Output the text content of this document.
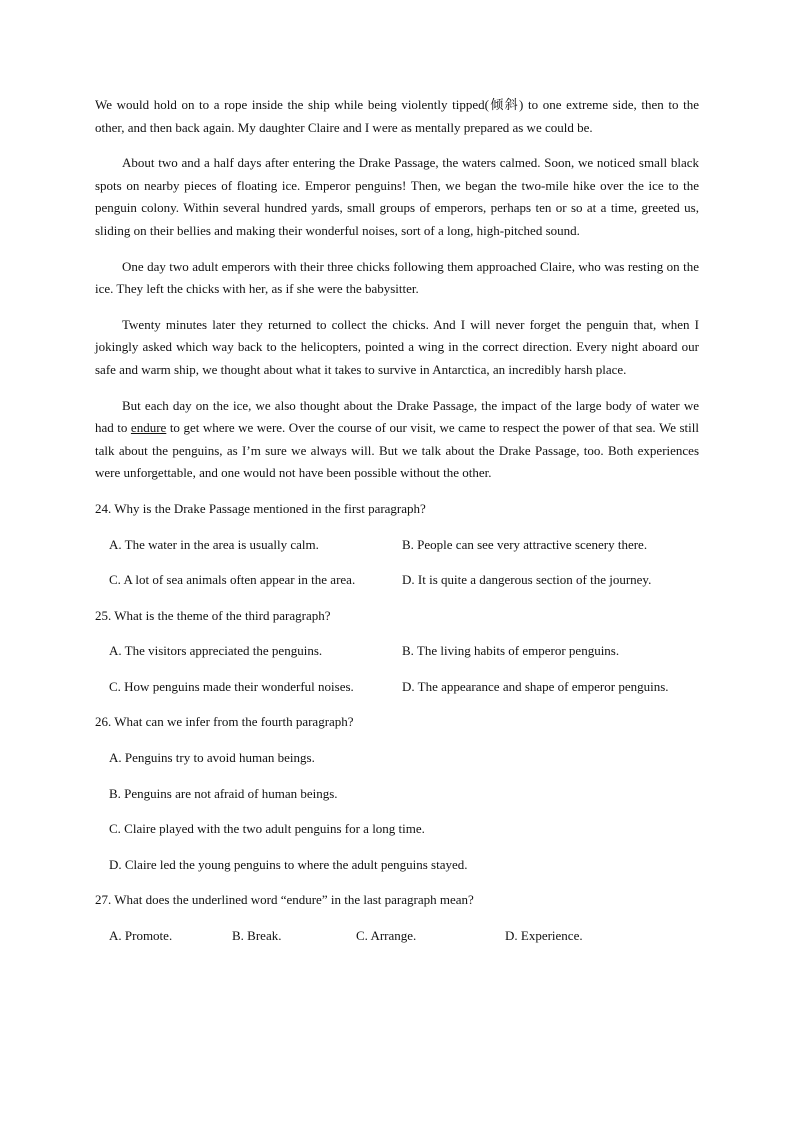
We would hold on to a rope inside the ship while being violently tipped(倾斜) to one extreme side, then to the other, and then back again. My daughter Claire and I were as mentally prepared as we could be.

About two and a half days after entering the Drake Passage, the waters calmed. Soon, we noticed small black spots on nearby pieces of floating ice. Emperor penguins! Then, we began the two-mile hike over the ice to the penguin colony. Within several hundred yards, small groups of emperors, perhaps ten or so at a time, greeted us, sliding on their bellies and making their wonderful noises, sort of a long, high-pitched sound.

One day two adult emperors with their three chicks following them approached Claire, who was resting on the ice. They left the chicks with her, as if she were the babysitter.

Twenty minutes later they returned to collect the chicks. And I will never forget the penguin that, when I jokingly asked which way back to the helicopters, pointed a wing in the correct direction. Every night aboard our safe and warm ship, we thought about what it takes to survive in Antarctica, an incredibly harsh place.

But each day on the ice, we also thought about the Drake Passage, the impact of the large body of water we had to endure to get where we were. Over the course of our visit, we came to respect the power of that sea. We still talk about the penguins, as I’m sure we always will. But we talk about the Drake Passage, too. Both experiences were unforgettable, and one would not have been possible without the other.

24. Why is the Drake Passage mentioned in the first paragraph?
A. The water in the area is usually calm.	B. People can see very attractive scenery there.
C. A lot of sea animals often appear in the area.	D. It is quite a dangerous section of the journey.
25. What is the theme of the third paragraph?
A. The visitors appreciated the penguins.	B. The living habits of emperor penguins.
C. How penguins made their wonderful noises.	D. The appearance and shape of emperor penguins.
26. What can we infer from the fourth paragraph?
A. Penguins try to avoid human beings.
B. Penguins are not afraid of human beings.
C. Claire played with the two adult penguins for a long time.
D. Claire led the young penguins to where the adult penguins stayed.
27. What does the underlined word “endure” in the last paragraph mean?
A. Promote.	B. Break.	C. Arrange.	D. Experience.
